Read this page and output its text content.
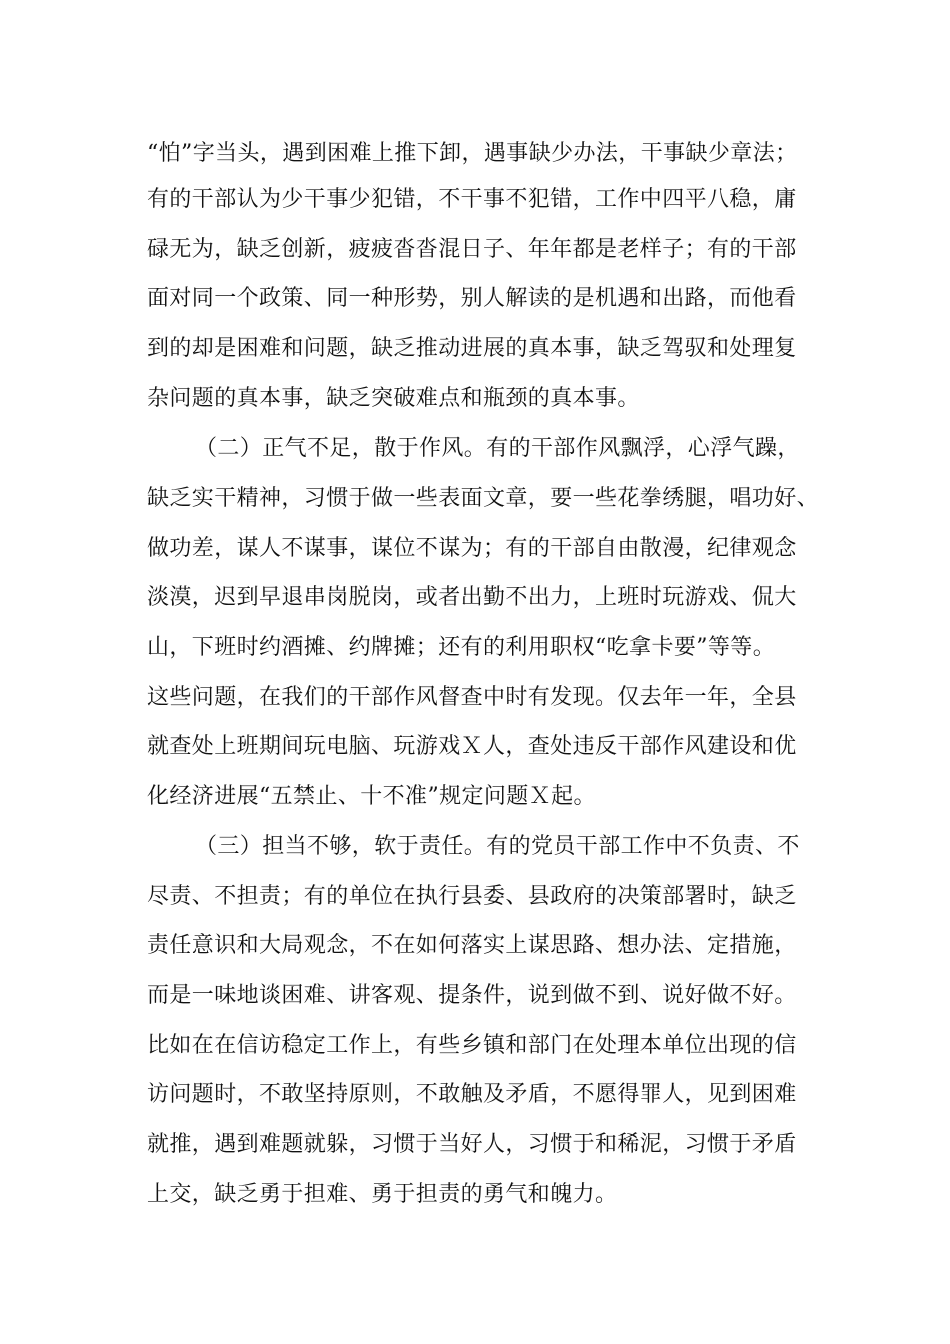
“怕”字当头，遇到困难上推下卸，遇事缺少办法，干事缺少章法；
有的干部认为少干事少犯错，不干事不犯错，工作中四平八稳，庸
碌无为，缺乏创新，疲疲沓沓混日子、年年都是老样子；有的干部
面对同一个政策、同一种形势，别人解读的是机遇和出路，而他看
到的却是困难和问题，缺乏推动进展的真本事，缺乏驾驭和处理复
杂问题的真本事，缺乏突破难点和瓶颈的真本事。
（二）正气不足，散于作风。有的干部作风飘浮，心浮气躁，
缺乏实干精神，习惯于做一些表面文章，要一些花拳绣腿，唱功好、
做功差，谋人不谋事，谋位不谋为；有的干部自由散漫，纪律观念
淡漠，迟到早退串岗脱岗，或者出勤不出力，上班时玩游戏、侃大
山，下班时约酒摊、约牌摊；还有的利用职权“吃拿卡要”等等。
这些问题，在我们的干部作风督查中时有发现。仅去年一年，全县
就查处上班期间玩电脑、玩游戏Ｘ人，查处违反干部作风建设和优
化经济进展“五禁止、十不准”规定问题Ｘ起。
（三）担当不够，软于责任。有的党员干部工作中不负责、不
尽责、不担责；有的单位在执行县委、县政府的决策部署时，缺乏
责任意识和大局观念，不在如何落实上谋思路、想办法、定措施，
而是一味地谈困难、讲客观、提条件，说到做不到、说好做不好。
比如在在信访稳定工作上，有些乡镇和部门在处理本单位出现的信
访问题时，不敢坚持原则，不敢触及矛盾，不愿得罪人，见到困难
就推，遇到难题就躲，习惯于当好人，习惯于和稀泥，习惯于矛盾
上交，缺乏勇于担难、勇于担责的勇气和魄力。
